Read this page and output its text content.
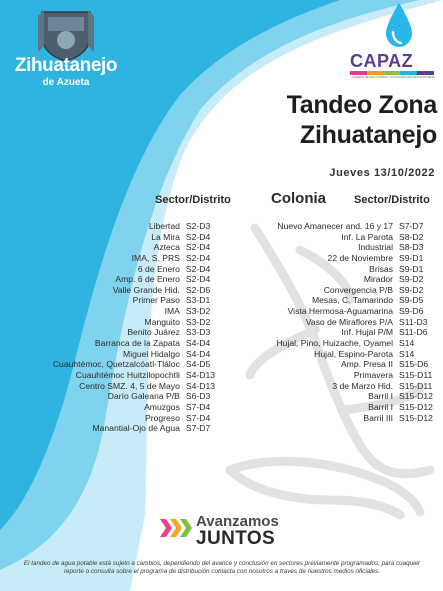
Zihuatanejo
de Azueta
CAPAZ
COMISIÓN DE AGUA POTABLE Y ALCANTARILLADO DE ZIHUATANEJO
Tandeo Zona
Zihuatanejo
Jueves 13/10/2022
Sector/Distrito	Colonia	Sector/Distrito
Libertad S2-D3
La Mira S2-D4
Azteca S2-D4
IMA, S. PRS S2-D4
6 de Enero S2-D4
Amp. 6 de Enero S2-D4
Valle Grande Hid. S2-D5
Primer Paso S3-D1
IMA S3-D2
Manguito S3-D2
Benito Juárez S3-D3
Barranca de la Zapata S4-D4
Miguel Hidalgo S4-D4
Cuauhtémoc, Quetzalcóatl-Tláloc S4-D5
Cuauhtémoc Huitzilopochtli S4-D13
Centro SMZ. 4, 5 de Mayo S4-D13
Darío Galeana P/B S6-D3
Amuzgos S7-D4
Progreso S7-D4
Manantial-Ojo de Agua S7-D7
Nuevo Amanecer and. 16 y 17 S7-D7
Inf. La Parota S8-D2
Industrial S8-D3
22 de Noviembre S9-D1
Brisas S9-D1
Mirador S9-D2
Convergencia P/B S9-D2
Mesas, C. Tamarindo S9-D5
Vista Hermosa-Aguamarina S9-D6
Vaso de Miraflores P/A S11-D3
Inf. Hujal P/M S11-D6
Hujal, Pino, Huizache, Oyamel S14
Hujal, Espino-Parota S14
Amp. Presa II S15-D6
Primavera S15-D11
3 de Marzo Hid. S15-D11
Barril I S15-D12
Barril I S15-D12
Barril III S15-D12
Avanzamos
JUNTOS
El tandeo de agua potable está sujeto a cambios, dependiendo del avance y conclusión en sectores previamente programados; para cuaquier reporte o consulta sobre el programa de distribución contacta con nosotros a traves de nuestros medios oficiales.
